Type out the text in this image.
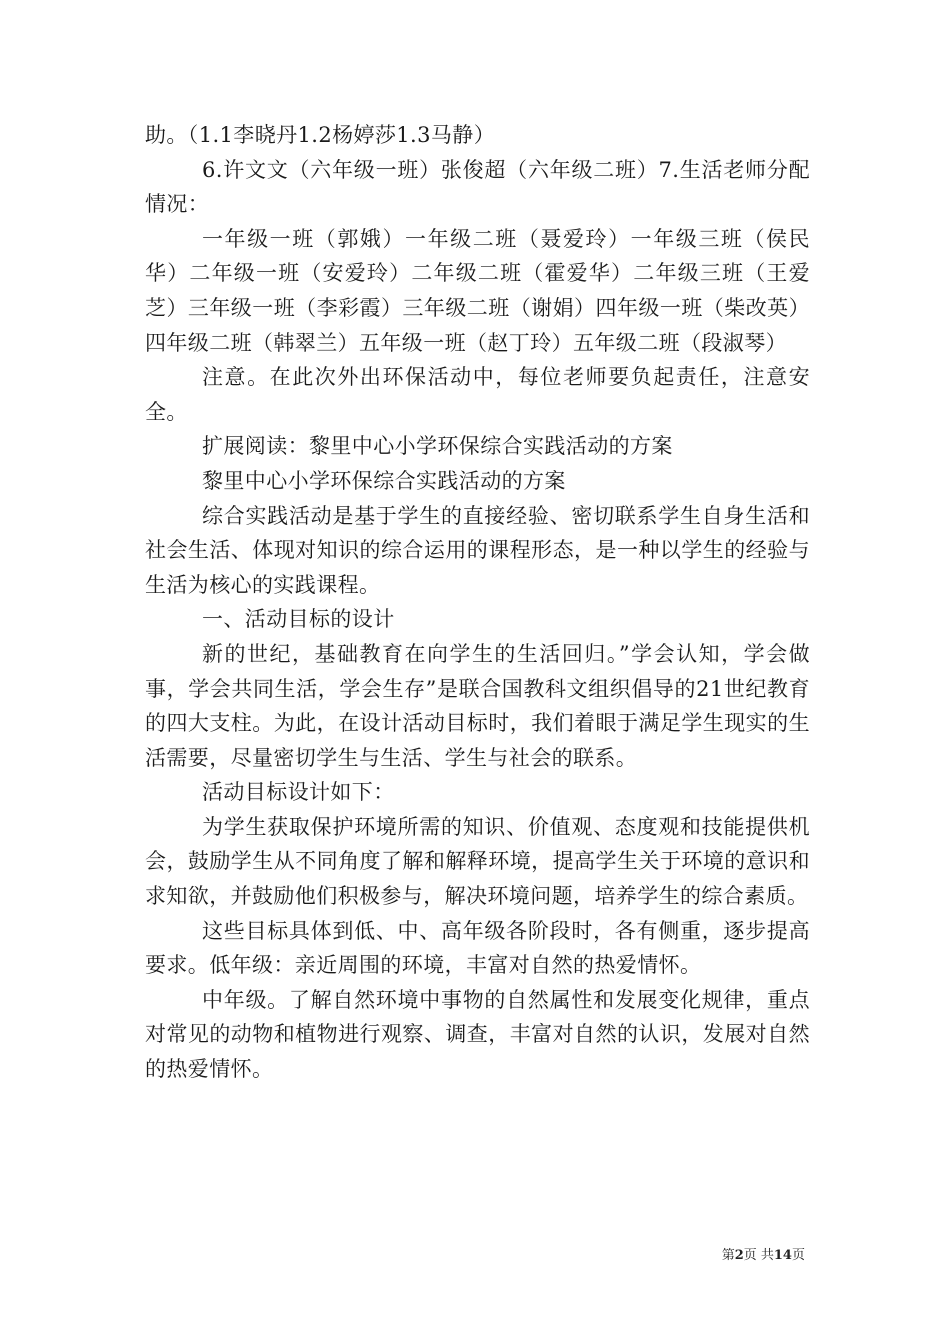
助。（1.1李晓丹1.2杨婷莎1.3马静）

6.许文文（六年级一班）张俊超（六年级二班）7.生活老师分配情况：

一年级一班（郭娥）一年级二班（聂爱玲）一年级三班（侯民华）二年级一班（安爱玲）二年级二班（霍爱华）二年级三班（王爱芝）三年级一班（李彩霞）三年级二班（谢娟）四年级一班（柴改英）四年级二班（韩翠兰）五年级一班（赵丁玲）五年级二班（段淑琴）

注意。在此次外出环保活动中，每位老师要负起责任，注意安全。

扩展阅读：黎里中心小学环保综合实践活动的方案

黎里中心小学环保综合实践活动的方案

综合实践活动是基于学生的直接经验、密切联系学生自身生活和社会生活、体现对知识的综合运用的课程形态，是一种以学生的经验与生活为核心的实践课程。

一、活动目标的设计

新的世纪，基础教育在向学生的生活回归。”学会认知，学会做事，学会共同生活，学会生存”是联合国教科文组织倡导的21世纪教育的四大支柱。为此，在设计活动目标时，我们着眼于满足学生现实的生活需要，尽量密切学生与生活、学生与社会的联系。

活动目标设计如下：

为学生获取保护环境所需的知识、价值观、态度观和技能提供机会，鼓励学生从不同角度了解和解释环境，提高学生关于环境的意识和求知欲，并鼓励他们积极参与，解决环境问题，培养学生的综合素质。

这些目标具体到低、中、高年级各阶段时，各有侧重，逐步提高要求。低年级：亲近周围的环境，丰富对自然的热爱情怀。

中年级。了解自然环境中事物的自然属性和发展变化规律，重点对常见的动物和植物进行观察、调查，丰富对自然的认识，发展对自然的热爱情怀。

第2页 共14页
